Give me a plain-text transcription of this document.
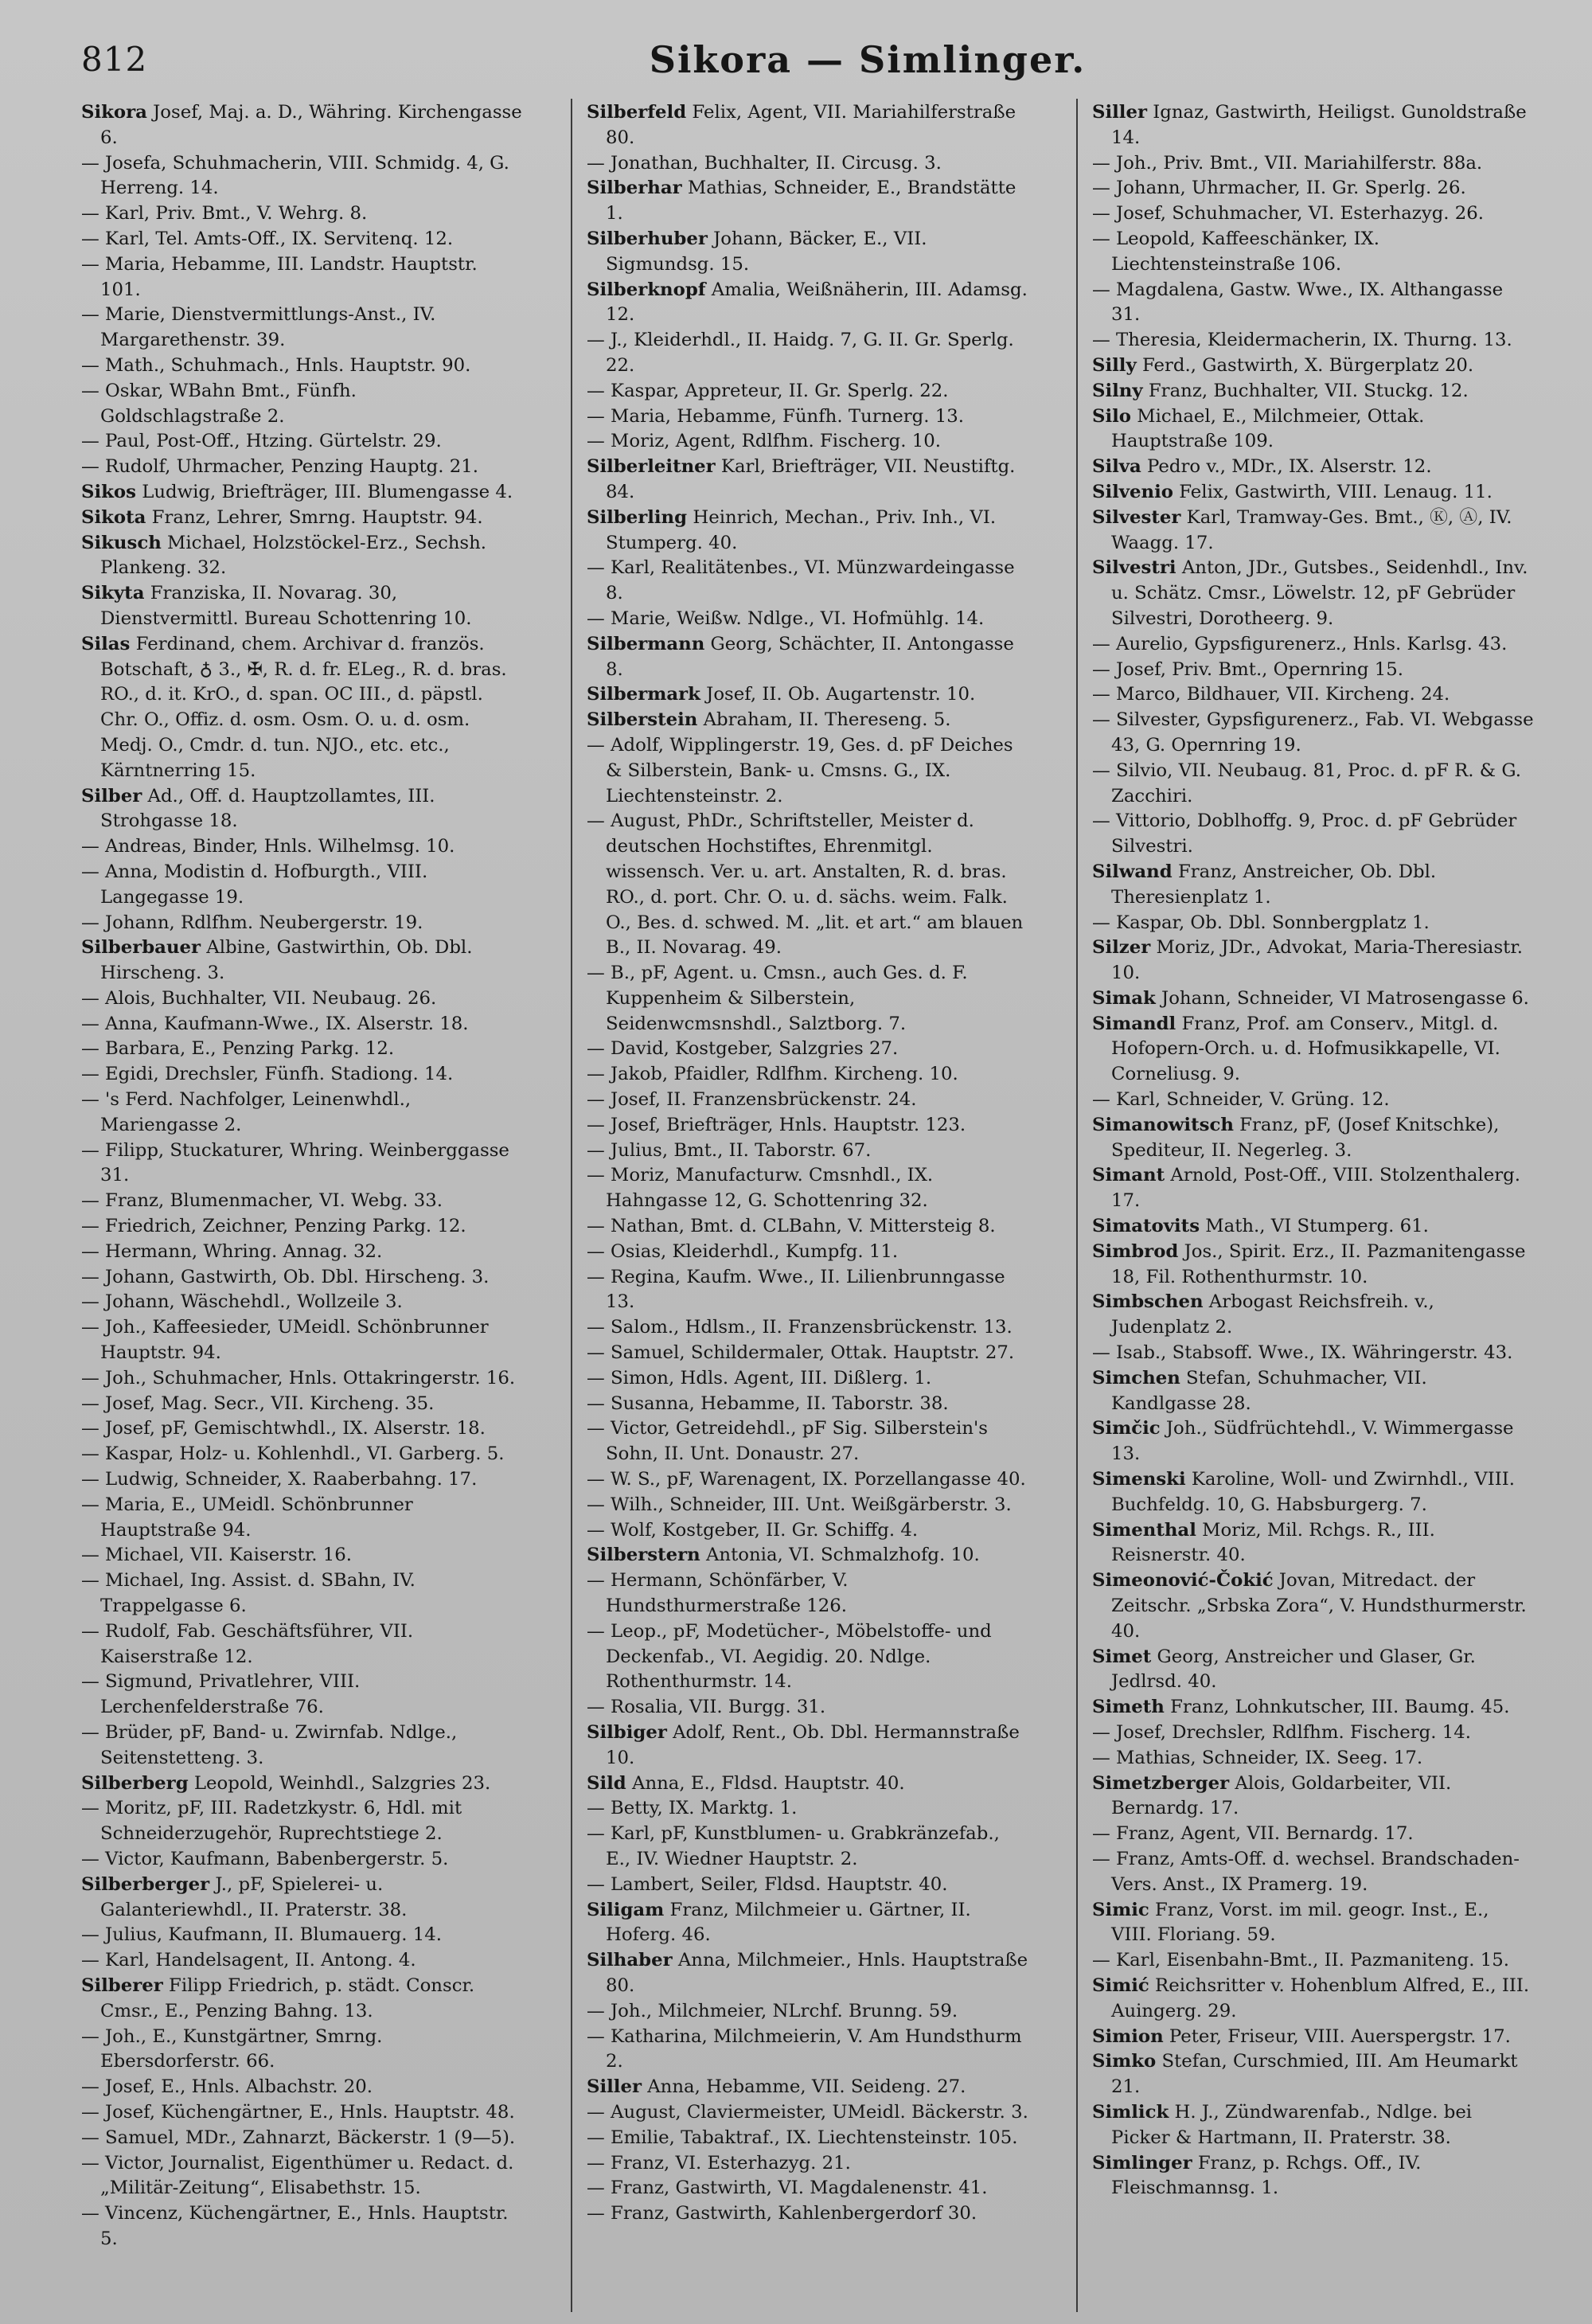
812	Sikora — Simlinger.
Sikora Josef, Maj. a. D., Währing. Kirchengasse 6.
— Josefa, Schuhmacherin, VIII. Schmidg. 4, G. Herreng. 14.
— Karl, Priv. Bmt., V. Wehrg. 8.
— Karl, Tel. Amts-Off., IX. Servitenq. 12.
— Maria, Hebamme, III. Landstr. Hauptstr. 101.
— Marie, Dienstvermittlungs-Anst., IV. Margarethenstr. 39.
— Math., Schuhmach., Hnls. Hauptstr. 90.
— Oskar, WBahn Bmt., Fünfh. Goldschlagstraße 2.
— Paul, Post-Off., Htzing. Gürtelstr. 29.
— Rudolf, Uhrmacher, Penzing Hauptg. 21.
Sikos Ludwig, Briefträger, III. Blumengasse 4.
Sikota Franz, Lehrer, Smrng. Hauptstr. 94.
Sikusch Michael, Holzstöckel-Erz., Sechsh. Plankeng. 32.
Sikyta Franziska, II. Novarag. 30, Dienstvermittl. Bureau Schottenring 10.
Silas Ferdinand, chem. Archivar d. französ. Botschaft, ♁ 3., ✠, R. d. fr. ELeg., R. d. bras. RO., d. it. KrO., d. span. OC III., d. päpstl. Chr. O., Offiz. d. osm. Osm. O. u. d. osm. Medj. O., Cmdr. d. tun. NJO., etc. etc., Kärntnerring 15.
Silber Ad., Off. d. Hauptzollamtes, III. Strohgasse 18.
— Andreas, Binder, Hnls. Wilhelmsg. 10.
— Anna, Modistin d. Hofburgth., VIII. Langegasse 19.
— Johann, Rdlfhm. Neubergerstr. 19.
Silberbauer Albine, Gastwirthin, Ob. Dbl. Hirscheng. 3.
— Alois, Buchhalter, VII. Neubaug. 26.
— Anna, Kaufmann-Wwe., IX. Alserstr. 18.
— Barbara, E., Penzing Parkg. 12.
— Egidi, Drechsler, Fünfh. Stadiong. 14.
— 's Ferd. Nachfolger, Leinenwhdl., Mariengasse 2.
— Filipp, Stuckaturer, Whring. Weinberggasse 31.
— Franz, Blumenmacher, VI. Webg. 33.
— Friedrich, Zeichner, Penzing Parkg. 12.
— Hermann, Whring. Annag. 32.
— Johann, Gastwirth, Ob. Dbl. Hirscheng. 3.
— Johann, Wäschehdl., Wollzeile 3.
— Joh., Kaffeesieder, UMeidl. Schönbrunner Hauptstr. 94.
— Joh., Schuhmacher, Hnls. Ottakringerstr. 16.
— Josef, Mag. Secr., VII. Kircheng. 35.
— Josef, pF, Gemischtwhdl., IX. Alserstr. 18.
— Kaspar, Holz- u. Kohlenhdl., VI. Garberg. 5.
— Ludwig, Schneider, X. Raaberbahng. 17.
— Maria, E., UMeidl. Schönbrunner Hauptstraße 94.
— Michael, VII. Kaiserstr. 16.
— Michael, Ing. Assist. d. SBahn, IV. Trappelgasse 6.
— Rudolf, Fab. Geschäftsführer, VII. Kaiserstraße 12.
— Sigmund, Privatlehrer, VIII. Lerchenfelderstraße 76.
— Brüder, pF, Band- u. Zwirnfab. Ndlge., Seitenstetteng. 3.
Silberberg Leopold, Weinhdl., Salzgries 23.
— Moritz, pF, III. Radetzkystr. 6, Hdl. mit Schneiderzugehör, Ruprechtstiege 2.
— Victor, Kaufmann, Babenbergerstr. 5.
Silberberger J., pF, Spielerei- u. Galanteriewhdl., II. Praterstr. 38.
— Julius, Kaufmann, II. Blumauerg. 14.
— Karl, Handelsagent, II. Antong. 4.
Silberer Filipp Friedrich, p. städt. Conscr. Cmsr., E., Penzing Bahng. 13.
— Joh., E., Kunstgärtner, Smrng. Ebersdorferstr. 66.
— Josef, E., Hnls. Albachstr. 20.
— Josef, Küchengärtner, E., Hnls. Hauptstr. 48.
— Samuel, MDr., Zahnarzt, Bäckerstr. 1 (9—5).
— Victor, Journalist, Eigenthümer u. Redact. d. „Militär-Zeitung“, Elisabethstr. 15.
— Vincenz, Küchengärtner, E., Hnls. Hauptstr. 5.
Silberfeld Felix, Agent, VII. Mariahilferstraße 80.
— Jonathan, Buchhalter, II. Circusg. 3.
Silberhar Mathias, Schneider, E., Brandstätte 1.
Silberhuber Johann, Bäcker, E., VII. Sigmundsg. 15.
Silberknopf Amalia, Weißnäherin, III. Adamsg. 12.
— J., Kleiderhdl., II. Haidg. 7, G. II. Gr. Sperlg. 22.
— Kaspar, Appreteur, II. Gr. Sperlg. 22.
— Maria, Hebamme, Fünfh. Turnerg. 13.
— Moriz, Agent, Rdlfhm. Fischerg. 10.
Silberleitner Karl, Briefträger, VII. Neustiftg. 84.
Silberling Heinrich, Mechan., Priv. Inh., VI. Stumperg. 40.
— Karl, Realitätenbes., VI. Münzwardeingasse 8.
— Marie, Weißw. Ndlge., VI. Hofmühlg. 14.
Silbermann Georg, Schächter, II. Antongasse 8.
Silbermark Josef, II. Ob. Augartenstr. 10.
Silberstein Abraham, II. Thereseng. 5.
— Adolf, Wipplingerstr. 19, Ges. d. pF Deiches & Silberstein, Bank- u. Cmsns. G., IX. Liechtensteinstr. 2.
— August, PhDr., Schriftsteller, Meister d. deutschen Hochstiftes, Ehrenmitgl. wissensch. Ver. u. art. Anstalten, R. d. bras. RO., d. port. Chr. O. u. d. sächs. weim. Falk. O., Bes. d. schwed. M. „lit. et art.“ am blauen B., II. Novarag. 49.
— B., pF, Agent. u. Cmsn., auch Ges. d. F. Kuppenheim & Silberstein, Seidenwcmsnshdl., Salztborg. 7.
— David, Kostgeber, Salzgries 27.
— Jakob, Pfaidler, Rdlfhm. Kircheng. 10.
— Josef, II. Franzensbrückenstr. 24.
— Josef, Briefträger, Hnls. Hauptstr. 123.
— Julius, Bmt., II. Taborstr. 67.
— Moriz, Manufacturw. Cmsnhdl., IX. Hahngasse 12, G. Schottenring 32.
— Nathan, Bmt. d. CLBahn, V. Mittersteig 8.
— Osias, Kleiderhdl., Kumpfg. 11.
— Regina, Kaufm. Wwe., II. Lilienbrunngasse 13.
— Salom., Hdlsm., II. Franzensbrückenstr. 13.
— Samuel, Schildermaler, Ottak. Hauptstr. 27.
— Simon, Hdls. Agent, III. Dißlerg. 1.
— Susanna, Hebamme, II. Taborstr. 38.
— Victor, Getreidehdl., pF Sig. Silberstein's Sohn, II. Unt. Donaustr. 27.
— W. S., pF, Warenagent, IX. Porzellangasse 40.
— Wilh., Schneider, III. Unt. Weißgärberstr. 3.
— Wolf, Kostgeber, II. Gr. Schiffg. 4.
Silberstern Antonia, VI. Schmalzhofg. 10.
— Hermann, Schönfärber, V. Hundsthurmerstraße 126.
— Leop., pF, Modetücher-, Möbelstoffe- und Deckenfab., VI. Aegidig. 20. Ndlge. Rothenthurmstr. 14.
— Rosalia, VII. Burgg. 31.
Silbiger Adolf, Rent., Ob. Dbl. Hermannstraße 10.
Sild Anna, E., Fldsd. Hauptstr. 40.
— Betty, IX. Marktg. 1.
— Karl, pF, Kunstblumen- u. Grabkränzefab., E., IV. Wiedner Hauptstr. 2.
— Lambert, Seiler, Fldsd. Hauptstr. 40.
Siligam Franz, Milchmeier u. Gärtner, II. Hoferg. 46.
Silhaber Anna, Milchmeier., Hnls. Hauptstraße 80.
— Joh., Milchmeier, NLrchf. Brunng. 59.
— Katharina, Milchmeierin, V. Am Hundsthurm 2.
Siller Anna, Hebamme, VII. Seideng. 27.
— August, Claviermeister, UMeidl. Bäckerstr. 3.
— Emilie, Tabaktraf., IX. Liechtensteinstr. 105.
— Franz, VI. Esterhazyg. 21.
— Franz, Gastwirth, VI. Magdalenenstr. 41.
— Franz, Gastwirth, Kahlenbergerdorf 30.
Siller Ignaz, Gastwirth, Heiligst. Gunoldstraße 14.
— Joh., Priv. Bmt., VII. Mariahilferstr. 88a.
— Johann, Uhrmacher, II. Gr. Sperlg. 26.
— Josef, Schuhmacher, VI. Esterhazyg. 26.
— Leopold, Kaffeeschänker, IX. Liechtensteinstraße 106.
— Magdalena, Gastw. Wwe., IX. Althangasse 31.
— Theresia, Kleidermacherin, IX. Thurng. 13.
Silly Ferd., Gastwirth, X. Bürgerplatz 20.
Silny Franz, Buchhalter, VII. Stuckg. 12.
Silo Michael, E., Milchmeier, Ottak. Hauptstraße 109.
Silva Pedro v., MDr., IX. Alserstr. 12.
Silvenio Felix, Gastwirth, VIII. Lenaug. 11.
Silvester Karl, Tramway-Ges. Bmt., Ⓚ, Ⓐ, IV. Waagg. 17.
Silvestri Anton, JDr., Gutsbes., Seidenhdl., Inv. u. Schätz. Cmsr., Löwelstr. 12, pF Gebrüder Silvestri, Dorotheerg. 9.
— Aurelio, Gypsfigurenerz., Hnls. Karlsg. 43.
— Josef, Priv. Bmt., Opernring 15.
— Marco, Bildhauer, VII. Kircheng. 24.
— Silvester, Gypsfigurenerz., Fab. VI. Webgasse 43, G. Opernring 19.
— Silvio, VII. Neubaug. 81, Proc. d. pF R. & G. Zacchiri.
— Vittorio, Doblhoffg. 9, Proc. d. pF Gebrüder Silvestri.
Silwand Franz, Anstreicher, Ob. Dbl. Theresienplatz 1.
— Kaspar, Ob. Dbl. Sonnbergplatz 1.
Silzer Moriz, JDr., Advokat, Maria-Theresiastr. 10.
Simak Johann, Schneider, VI Matrosengasse 6.
Simandl Franz, Prof. am Conserv., Mitgl. d. Hofopern-Orch. u. d. Hofmusikkapelle, VI. Corneliusg. 9.
— Karl, Schneider, V. Grüng. 12.
Simanowitsch Franz, pF, (Josef Knitschke), Spediteur, II. Negerleg. 3.
Simant Arnold, Post-Off., VIII. Stolzenthalerg. 17.
Simatovits Math., VI Stumperg. 61.
Simbrod Jos., Spirit. Erz., II. Pazmanitengasse 18, Fil. Rothenthurmstr. 10.
Simbschen Arbogast Reichsfreih. v., Judenplatz 2.
— Isab., Stabsoff. Wwe., IX. Währingerstr. 43.
Simchen Stefan, Schuhmacher, VII. Kandlgasse 28.
Simčic Joh., Südfrüchtehdl., V. Wimmergasse 13.
Simenski Karoline, Woll- und Zwirnhdl., VIII. Buchfeldg. 10, G. Habsburgerg. 7.
Simenthal Moriz, Mil. Rchgs. R., III. Reisnerstr. 40.
Simeonović-Čokić Jovan, Mitredact. der Zeitschr. „Srbska Zora“, V. Hundsthurmerstr. 40.
Simet Georg, Anstreicher und Glaser, Gr. Jedlrsd. 40.
Simeth Franz, Lohnkutscher, III. Baumg. 45.
— Josef, Drechsler, Rdlfhm. Fischerg. 14.
— Mathias, Schneider, IX. Seeg. 17.
Simetzberger Alois, Goldarbeiter, VII. Bernardg. 17.
— Franz, Agent, VII. Bernardg. 17.
— Franz, Amts-Off. d. wechsel. Brandschaden-Vers. Anst., IX Pramerg. 19.
Simic Franz, Vorst. im mil. geogr. Inst., E., VIII. Floriang. 59.
— Karl, Eisenbahn-Bmt., II. Pazmaniteng. 15.
Simić Reichsritter v. Hohenblum Alfred, E., III. Auingerg. 29.
Simion Peter, Friseur, VIII. Auerspergstr. 17.
Simko Stefan, Curschmied, III. Am Heumarkt 21.
Simlick H. J., Zündwarenfab., Ndlge. bei Picker & Hartmann, II. Praterstr. 38.
Simlinger Franz, p. Rchgs. Off., IV. Fleischmannsg. 1.
